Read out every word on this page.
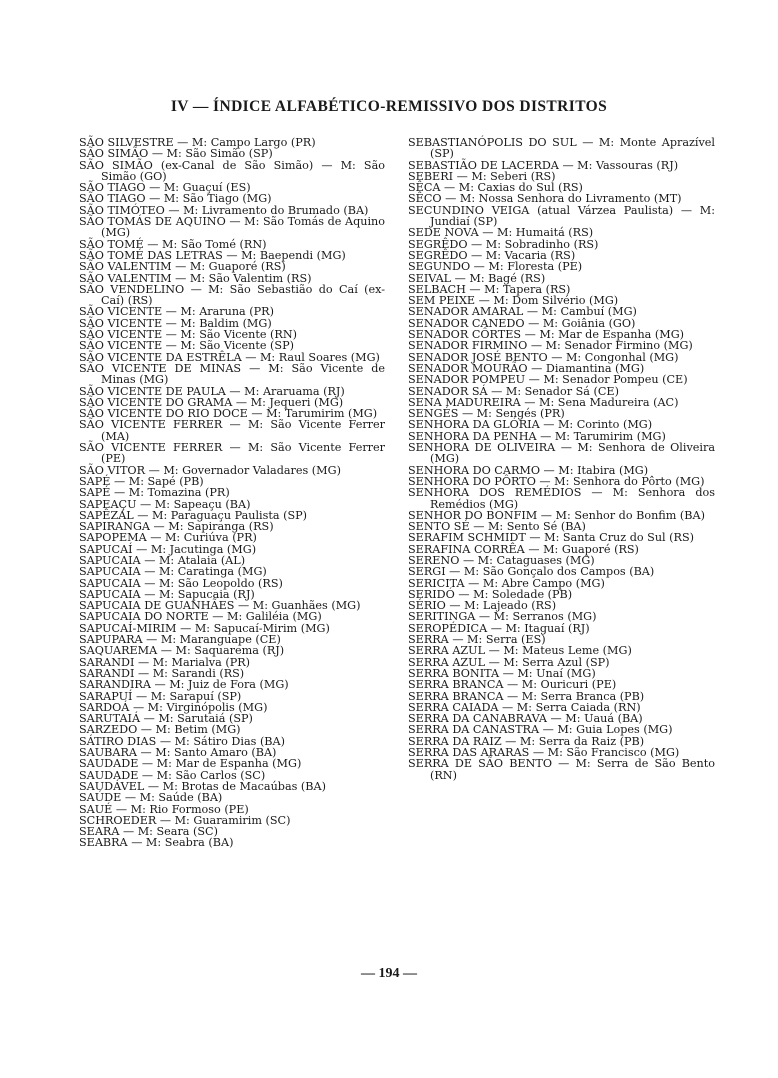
IV — ÍNDICE ALFABÉTICO-REMISSIVO DOS DISTRITOS

SÃO SILVESTRE — M: Campo Largo (PR)

SÃO SIMÃO — M: São Simão (SP)

SÃO SIMÃO (ex-Canal de São Simão) — M: São Simão (GO)

SÃO TIAGO — M: Guaçuí (ES)

SÃO TIAGO — M: São Tiago (MG)

SÃO TIMÓTEO — M: Livramento do Brumado (BA)

SÃO TOMÁS DE AQUINO — M: São Tomás de Aquino (MG)

SÃO TOMÉ — M: São Tomé (RN)

SÃO TOMÉ DAS LETRAS — M: Baependi (MG)

SÃO VALENTIM — M: Guaporé (RS)

SÃO VALENTIM — M: São Valentim (RS)

SÃO VENDELINO — M: São Sebastião do Caí (ex-Caí) (RS)

SÃO VICENTE — M: Araruna (PR)

SÃO VICENTE — M: Baldim (MG)

SÃO VICENTE — M: São Vicente (RN)

SÃO VICENTE — M: São Vicente (SP)

SÃO VICENTE DA ESTRÊLA — M: Raul Soares (MG)

SÃO VICENTE DE MINAS — M: São Vicente de Minas (MG)

SÃO VICENTE DE PAULA — M: Araruama (RJ)

SÃO VICENTE DO GRAMA — M: Jequeri (MG)

SÃO VICENTE DO RIO DOCE — M: Tarumirim (MG)

SÃO VICENTE FERRER — M: São Vicente Ferrer (MA)

SÃO VICENTE FERRER — M: São Vicente Ferrer (PE)

SÃO VITOR — M: Governador Valadares (MG)

SAPÉ — M: Sapé (PB)

SAPÉ — M: Tomazina (PR)

SAPEAÇU — M: Sapeaçu (BA)

SAPÊZAL — M: Paraguaçu Paulista (SP)

SAPIRANGA — M: Sapiranga (RS)

SAPOPEMA — M: Curiúva (PR)

SAPUCAÍ — M: Jacutinga (MG)

SAPUCAIA — M: Atalaia (AL)

SAPUCAIA — M: Caratinga (MG)

SAPUCAIA — M: São Leopoldo (RS)

SAPUCAIA — M: Sapucaia (RJ)

SAPUCAIA DE GUANHÃES — M: Guanhães (MG)

SAPUCAIA DO NORTE — M: Galiléia (MG)

SAPUCAÍ-MIRIM — M: Sapucaí-Mirim (MG)

SAPUPARA — M: Maranguape (CE)

SAQUAREMA — M: Saquarema (RJ)

SARANDI — M: Marialva (PR)

SARANDI — M: Sarandi (RS)

SARANDIRA — M: Juiz de Fora (MG)

SARAPUÍ — M: Sarapuí (SP)

SARDOÁ — M: Virginópolis (MG)

SARUTAIÁ — M: Sarutaiá (SP)

SARZEDO — M: Betim (MG)

SÁTIRO DIAS — M: Sátiro Dias (BA)

SAUBARA — M: Santo Amaro (BA)

SAUDADE — M: Mar de Espanha (MG)

SAUDADE — M: São Carlos (SC)

SAUDÁVEL — M: Brotas de Macaúbas (BA)

SAÚDE — M: Saúde (BA)

SAUÉ — M: Rio Formoso (PE)

SCHROEDER — M: Guaramirim (SC)

SEARA — M: Seara (SC)

SEABRA — M: Seabra (BA)

SEBASTIANÓPOLIS DO SUL — M: Monte Aprazível (SP)

SEBASTIÃO DE LACERDA — M: Vassouras (RJ)

SEBERI — M: Seberi (RS)

SÊCA — M: Caxias do Sul (RS)

SÊCO — M: Nossa Senhora do Livramento (MT)

SECUNDINO VEIGA (atual Várzea Paulista) — M: Jundiaí (SP)

SEDE NOVA — M: Humaitá (RS)

SEGRÊDO — M: Sobradinho (RS)

SEGRÊDO — M: Vacaria (RS)

SEGUNDO — M: Floresta (PE)

SEIVAL — M: Bagé (RS)

SELBACH — M: Tapera (RS)

SEM PEIXE — M: Dom Silvério (MG)

SENADOR AMARAL — M: Cambuí (MG)

SENADOR CANEDO — M: Goiânia (GO)

SENADOR CÔRTES — M: Mar de Espanha (MG)

SENADOR FIRMINO — M: Senador Firmino (MG)

SENADOR JOSÉ BENTO — M: Congonhal (MG)

SENADOR MOURÃO — Diamantina (MG)

SENADOR POMPEU — M: Senador Pompeu (CE)

SENADOR SÁ — M: Senador Sá (CE)

SENA MADUREIRA — M: Sena Madureira (AC)

SENGÉS — M: Sengés (PR)

SENHORA DA GLÓRIA — M: Corinto (MG)

SENHORA DA PENHA — M: Tarumirim (MG)

SENHORA DE OLIVEIRA — M: Senhora de Oliveira (MG)

SENHORA DO CARMO — M: Itabira (MG)

SENHORA DO PÔRTO — M: Senhora do Pôrto (MG)

SENHORA DOS REMÉDIOS — M: Senhora dos Remédios (MG)

SENHOR DO BONFIM — M: Senhor do Bonfim (BA)

SENTO SÉ — M: Sento Sé (BA)

SERAFIM SCHMIDT — M: Santa Cruz do Sul (RS)

SERAFINA CORRÊA — M: Guaporé (RS)

SERENO — M: Cataguases (MG)

SERGI — M: São Gonçalo dos Campos (BA)

SERICITA — M: Abre Campo (MG)

SERIDÓ — M: Soledade (PB)

SÉRIO — M: Lajeado (RS)

SERITINGA — M: Serranos (MG)

SEROPÉDICA — M: Itaguaí (RJ)

SERRA — M: Serra (ES)

SERRA AZUL — M: Mateus Leme (MG)

SERRA AZUL — M: Serra Azul (SP)

SERRA BONITA — M: Unaí (MG)

SERRA BRANCA — M: Ouricuri (PE)

SERRA BRANCA — M: Serra Branca (PB)

SERRA CAIADA — M: Serra Caiada (RN)

SERRA DA CANABRAVA — M: Uauá (BA)

SERRA DA CANASTRA — M: Guia Lopes (MG)

SERRA DA RAIZ — M: Serra da Raiz (PB)

SERRA DAS ARARAS — M: São Francisco (MG)

SERRA DE SÃO BENTO — M: Serra de São Bento (RN)

— 194 —
